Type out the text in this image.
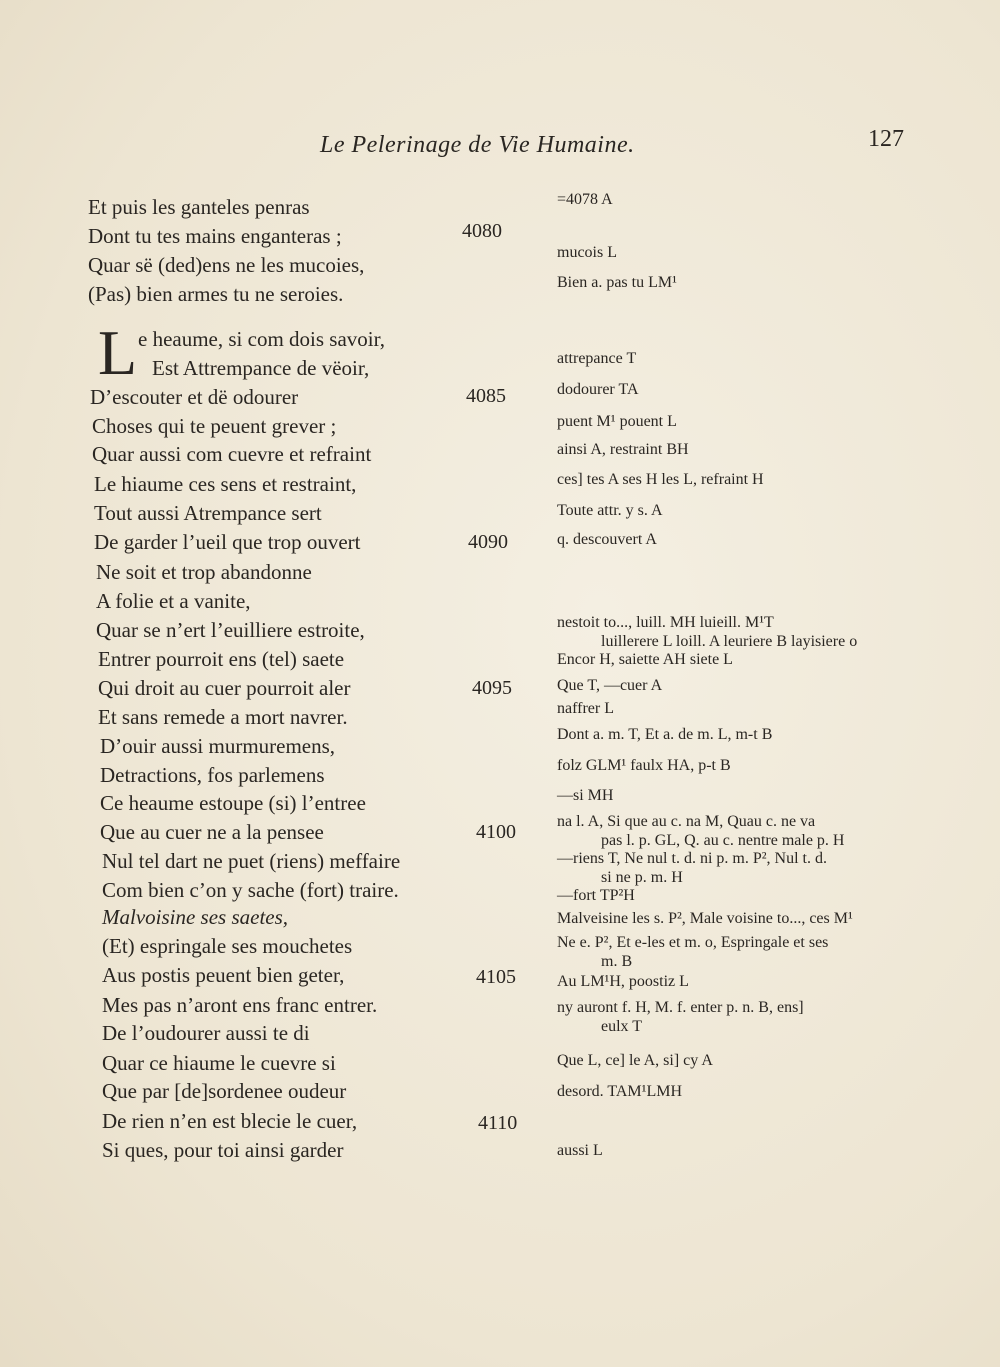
Le Pelerinage de Vie Humaine.	127
Et puis les ganteles penras
Dont tu tes mains enganteras ;
Quar së (ded)ens ne les mucoies,
(Pas) bien armes tu ne seroies.
L e heaume, si com dois savoir,
Est Attrempance de vëoir,
D’escouter et dë odourer
Choses qui te peuent grever ;
Quar aussi com cuevre et refraint
Le hiaume ces sens et restraint,
Tout aussi Atrempance sert
De garder l’ueil que trop ouvert
Ne soit et trop abandonne
A folie et a vanite,
Quar se n’ert l’euilliere estroite,
Entrer pourroit ens (tel) saete
Qui droit au cuer pourroit aler
Et sans remede a mort navrer.
D’ouir aussi murmuremens,
Detractions, fos parlemens
Ce heaume estoupe (si) l’entree
Que au cuer ne a la pensee
Nul tel dart ne puet (riens) meffaire
Com bien c’on y sache (fort) traire.
Malvoisine ses saetes,
(Et) espringale ses mouchetes
Aus postis peuent bien geter,
Mes pas n’aront ens franc entrer.
De l’oudourer aussi te di
Quar ce hiaume le cuevre si
Que par [de]sordenee oudeur
De rien n’en est blecie le cuer,
Si ques, pour toi ainsi garder
4080
4085
4090
4095
4100
4105
4110
=4078 A
mucois L
Bien a. pas tu LM¹
attrepance T
dodourer TA
puent M¹ pouent L
ainsi A, restraint BH
ces] tes A ses H les L, refraint H
Toute attr. y s. A
q. descouvert A
nestoit to..., luill. MH luieill. M¹T
luillerere L loill. A leuriere B layisiere o
Encor H, saiette AH siete L
Que T, —cuer A
naffrer L
Dont a. m. T, Et a. de m. L, m-t B
folz GLM¹ faulx HA, p-t B
—si MH
na l. A, Si que au c. na M, Quau c. ne va
pas l. p. GL, Q. au c. nentre male p. H
—riens T, Ne nul t. d. ni p. m. P², Nul t. d.
si ne p. m. H
—fort TP²H
Malveisine les s. P², Male voisine to..., ces M¹
Ne e. P², Et e-les et m. o, Espringale et ses
m. B
Au LM¹H, poostiz L
ny auront f. H, M. f. enter p. n. B, ens]
eulx T
Que L, ce] le A, si] cy A
desord. TAM¹LMH
aussi L
